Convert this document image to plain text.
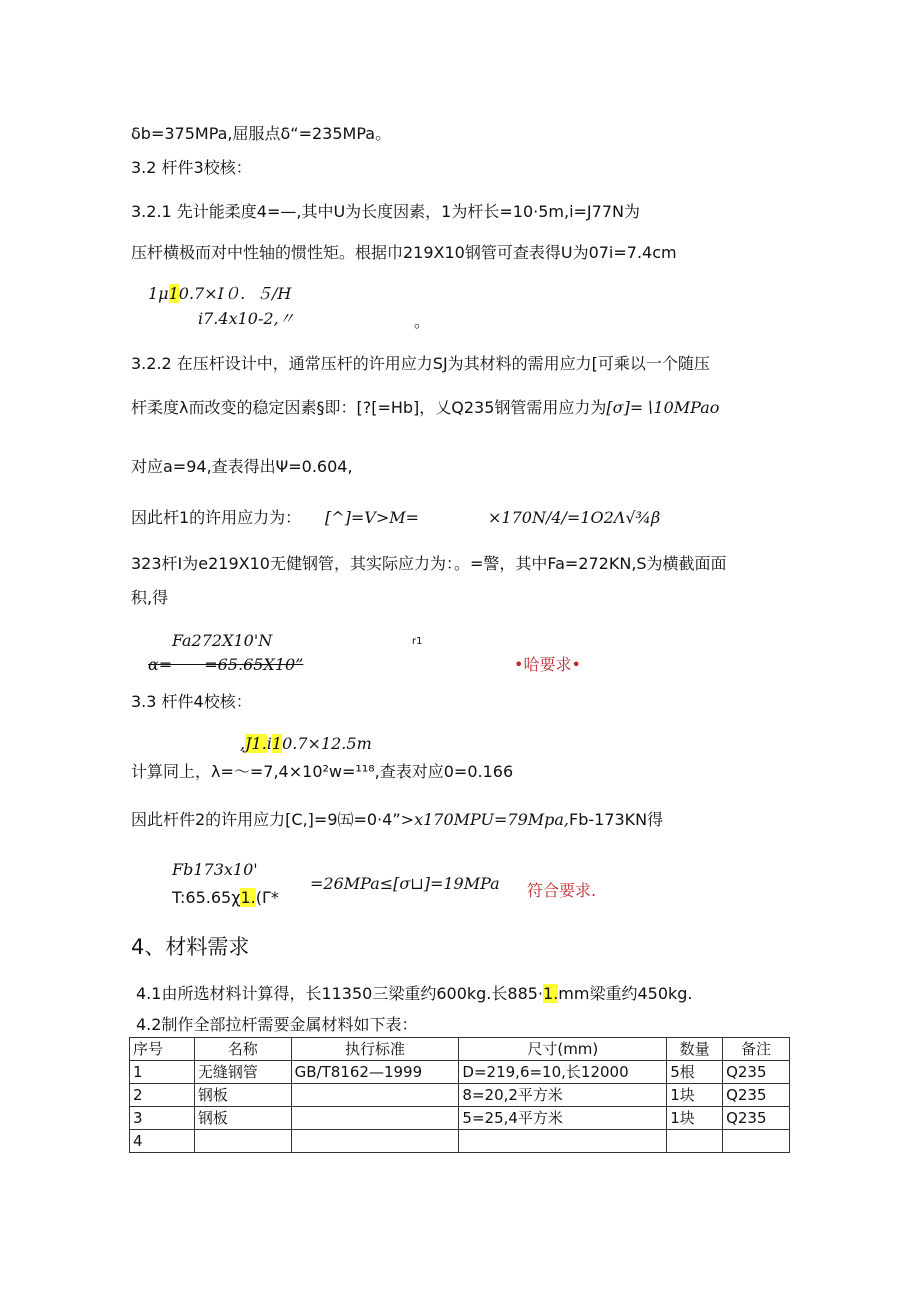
δb=375MPa,屈服点δ“=235MPa。
3.2 杆件3校核：
3.2.1 先计能柔度4=—,其中U为长度因素，1为杆长=10·5m,i=J77N为
压杆横极而对中性轴的惯性矩。根据巾219X10钢管可查表得U为07i=7.4cm
1μ10.7×I０．５∕H
i7.4x10-2,〃	。
3.2.2 在压杆设计中，通常压杆的许用应力SJ为其材料的需用应力[可乘以一个随压
杆柔度λ而改变的稳定因素§即：[?[=Hb]，乂Q235钢管需用应力为[σ]=∖10MPaο
对应a=94,查表得出Ψ=0.604,
因此杆1的许用应力为： [^]=V>M=	×170N∕4∕=1O2Λ√¾β
323杆I为e219X10无健钢管，其实际应力为：。=警，其中Fa=272KN,S为横截面面
积,得
Fa272X10'N	r1
ɑ=　　=65.65X10”	•哈要求•
3.3 杆件4校核：
,J1.i10.7×12.5m
计算同上，λ=～=7,4×10²w=¹¹⁸,查表对应0=0.166
因此杆件2的许用应力[C,]=9㈤=0·4”>x170MPU=79Mpa,Fb-173KN得
Fb173x10'
T:65.65χ1.(Γ*
=26MPa≤[σ⊔]=19MPa 符合要求.
4、材料需求
4.1由所选材料计算得，长11350三梁重约600kg.长885·1.mm梁重约450kg.
4.2制作全部拉杆需要金属材料如下表：
序号	名称	执行标准	尺寸(mm)	数量	备注
1	无缝钢管	GB/T8162—1999	D=219,6=10,长12000	5根	Q235
2	钢板		8=20,2平方米	1块	Q235
3	钢板		5=25,4平方米	1块	Q235
4					
